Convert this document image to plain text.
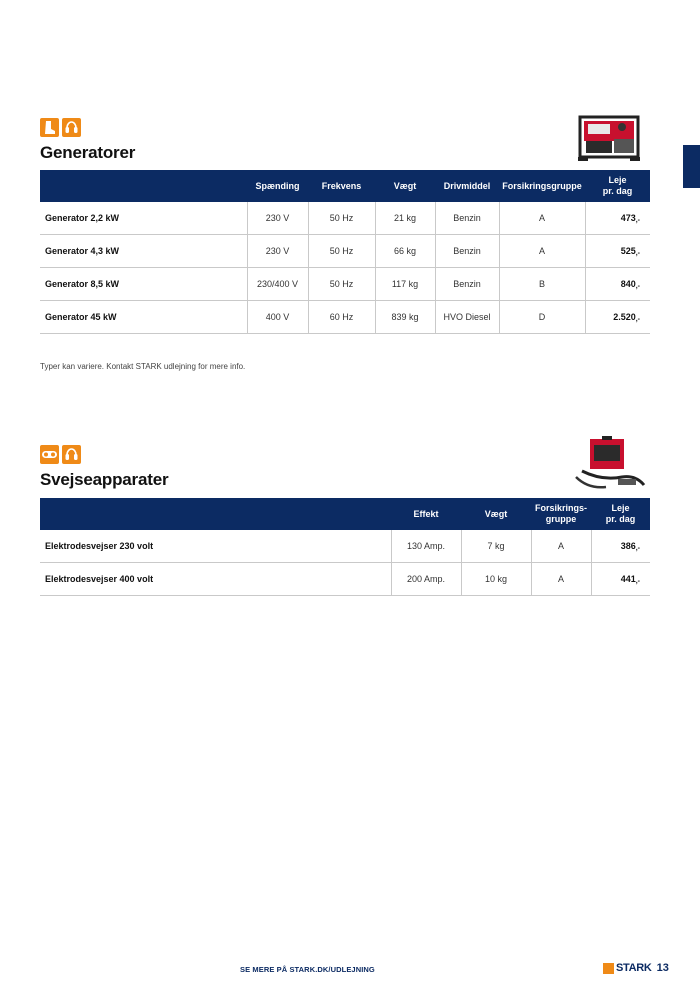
Generatorer
	Spænding	Frekvens	Vægt	Drivmiddel	Forsikringsgruppe	Leje
pr. dag
Generator 2,2 kW	230 V	50 Hz	21 kg	Benzin	A	$473_{,-}$
Generator 4,3 kW	230 V	50 Hz	66 kg	Benzin	A	$525_{,-}$
Generator 8,5 kW	230/400 V	50 Hz	117 kg	Benzin	B	$840_{,-}$
Generator 45 kW	400 V	60 Hz	839 kg	HVO Diesel	D	$2.520_{,-}$
Typer kan variere. Kontakt STARK udlejning for mere info.
Svejseapparater
	Effekt	Vægt	Forsikrings-
gruppe	Leje
pr. dag
Elektrodesvejser 230 volt	130 Amp.	7 kg	A	$386_{,-}$
Elektrodesvejser 400 volt	200 Amp.	10 kg	A	$441_{,-}$
SE MERE PÅ STARK.DK/UDLEJNING	STARK 13
